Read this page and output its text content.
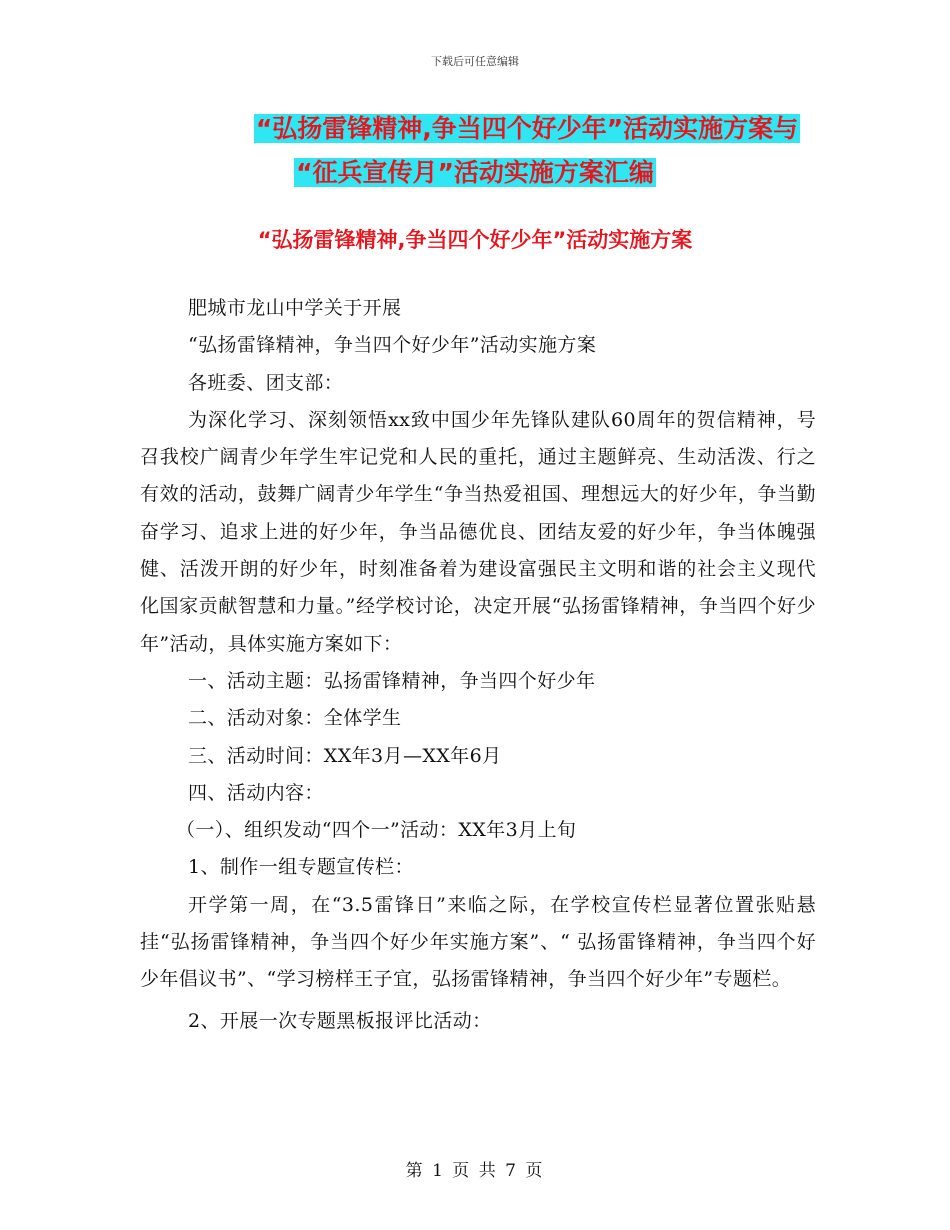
下载后可任意编辑
“弘扬雷锋精神,争当四个好少年”活动实施方案与
“征兵宣传月”活动实施方案汇编
“弘扬雷锋精神,争当四个好少年”活动实施方案

肥城市龙山中学关于开展

“弘扬雷锋精神，争当四个好少年”活动实施方案

各班委、团支部：

为深化学习、深刻领悟xx致中国少年先锋队建队60周年的贺信精神，号召我校广阔青少年学生牢记党和人民的重托，通过主题鲜亮、生动活泼、行之有效的活动，鼓舞广阔青少年学生“争当热爱祖国、理想远大的好少年，争当勤奋学习、追求上进的好少年，争当品德优良、团结友爱的好少年，争当体魄强健、活泼开朗的好少年，时刻准备着为建设富强民主文明和谐的社会主义现代化国家贡献智慧和力量。”经学校讨论，决定开展“弘扬雷锋精神，争当四个好少年”活动，具体实施方案如下：

一、活动主题：弘扬雷锋精神，争当四个好少年

二、活动对象：全体学生

三、活动时间：XX年3月—XX年6月

四、活动内容：

（一）、组织发动“四个一”活动：XX年3月上旬

1、制作一组专题宣传栏：

开学第一周，在“3.5雷锋日”来临之际，在学校宣传栏显著位置张贴悬挂“弘扬雷锋精神，争当四个好少年实施方案”、“ 弘扬雷锋精神，争当四个好少年倡议书”、“学习榜样王子宜，弘扬雷锋精神，争当四个好少年”专题栏。

2、开展一次专题黑板报评比活动：

第 1 页 共 7 页
